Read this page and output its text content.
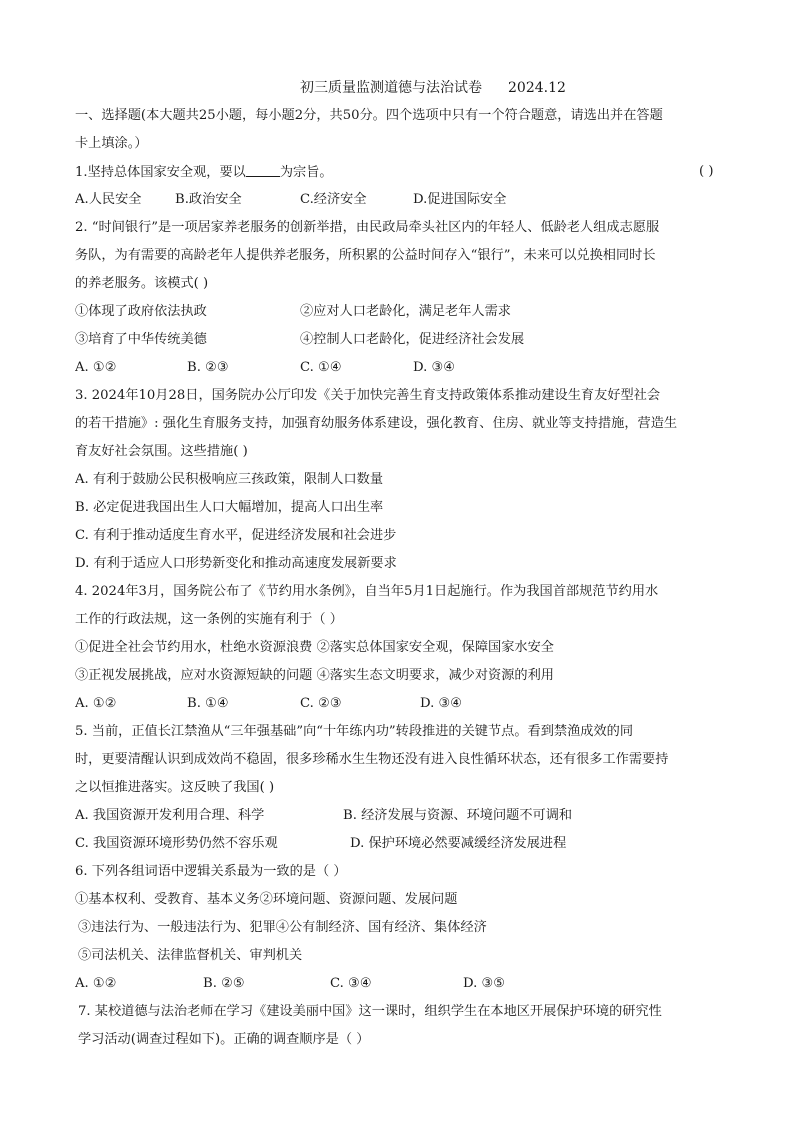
初三质量监测道德与法治试卷 2024.12
一、选择题(本大题共25小题，每小题2分，共50分。四个选项中只有一个符合题意，请选出并在答题
卡上填涂。）
1.坚持总体国家安全观，要以	为宗旨。	( )
A.人民安全	B.政治安全	C.经济安全	D.促进国际安全
2. “时间银行”是一项居家养老服务的创新举措，由民政局牵头社区内的年轻人、低龄老人组成志愿服
务队，为有需要的高龄老年人提供养老服务，所积累的公益时间存入“银行”，未来可以兑换相同时长
的养老服务。该模式( )
①体现了政府依法执政	②应对人口老龄化，满足老年人需求
③培育了中华传统美德	④控制人口老龄化，促进经济社会发展
A. ①②	B. ②③	C. ①④	D. ③④
3. 2024年10月28日，国务院办公厅印发《关于加快完善生育支持政策体系推动建设生育友好型社会
的若干措施》: 强化生育服务支持，加强育幼服务体系建设，强化教育、住房、就业等支持措施，营造生
育友好社会氛围。这些措施( )
A. 有利于鼓励公民积极响应三孩政策，限制人口数量
B. 必定促进我国出生人口大幅增加，提高人口出生率
C. 有利于推动适度生育水平，促进经济发展和社会进步
D. 有利于适应人口形势新变化和推动高速度发展新要求
4. 2024年3月，国务院公布了《节约用水条例》，自当年5月1日起施行。作为我国首部规范节约用水
工作的行政法规，这一条例的实施有利于（ ）
①促进全社会节约用水，杜绝水资源浪费 ②落实总体国家安全观，保障国家水安全
③正视发展挑战，应对水资源短缺的问题 ④落实生态文明要求，减少对资源的利用
A. ①②	B. ①④	C. ②③	D. ③④
5. 当前，正值长江禁渔从“三年强基础”向“十年练内功”转段推进的关键节点。看到禁渔成效的同
时，更要清醒认识到成效尚不稳固，很多珍稀水生生物还没有进入良性循环状态，还有很多工作需要持
之以恒推进落实。这反映了我国( )
A. 我国资源开发利用合理、科学	B. 经济发展与资源、环境问题不可调和
C. 我国资源环境形势仍然不容乐观	D. 保护环境必然要减缓经济发展进程
6. 下列各组词语中逻辑关系最为一致的是（ ）
①基本权利、受教育、基本义务②环境问题、资源问题、发展问题
③违法行为、一般违法行为、犯罪④公有制经济、国有经济、集体经济
⑤司法机关、法律监督机关、审判机关
A. ①②	B. ②⑤	C. ③④	D. ③⑤
7. 某校道德与法治老师在学习《建设美丽中国》这一课时，组织学生在本地区开展保护环境的研究性
学习活动(调查过程如下)。正确的调查顺序是（ ）
